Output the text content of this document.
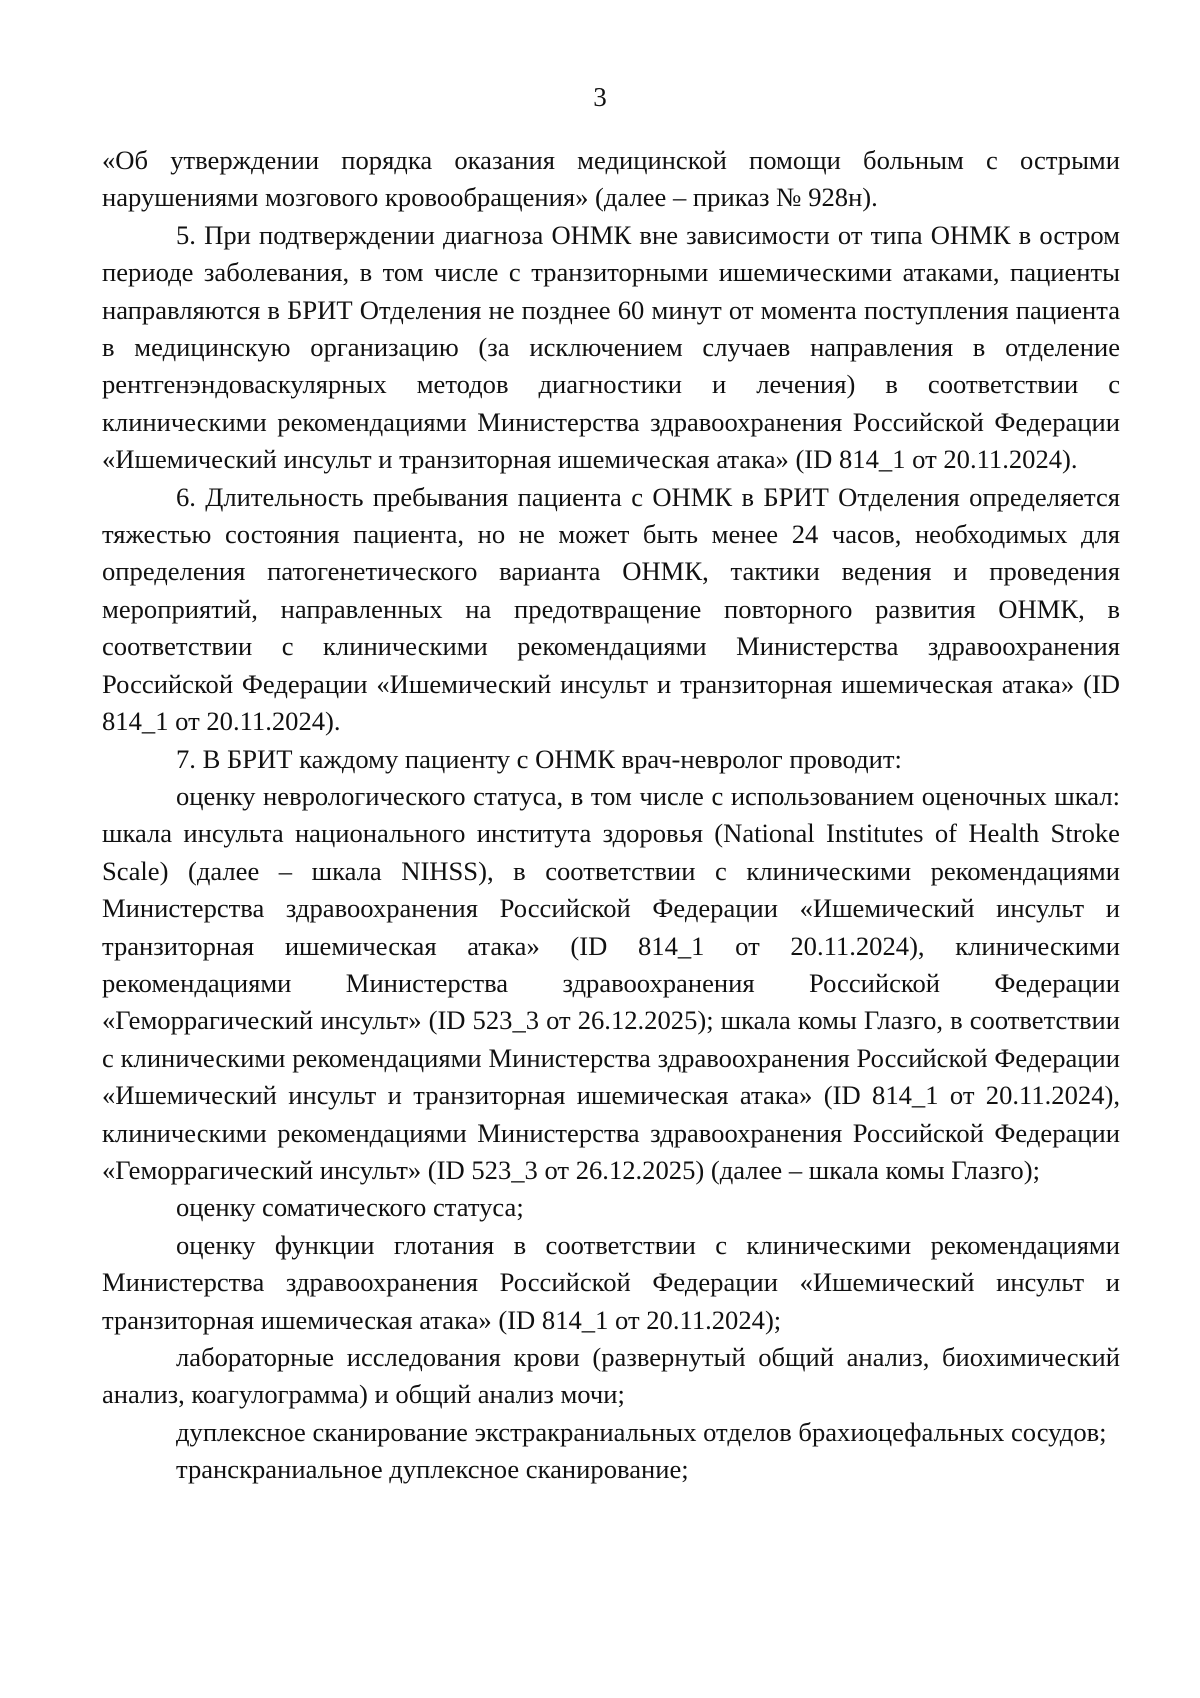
3

«Об утверждении порядка оказания медицинской помощи больным с острыми нарушениями мозгового кровообращения» (далее – приказ № 928н).

5. При подтверждении диагноза ОНМК вне зависимости от типа ОНМК в остром периоде заболевания, в том числе с транзиторными ишемическими атаками, пациенты направляются в БРИТ Отделения не позднее 60 минут от момента поступления пациента в медицинскую организацию (за исключением случаев направления в отделение рентгенэндоваскулярных методов диагностики и лечения) в соответствии с клиническими рекомендациями Министерства здравоохранения Российской Федерации «Ишемический инсульт и транзиторная ишемическая атака» (ID 814_1 от 20.11.2024).

6. Длительность пребывания пациента с ОНМК в БРИТ Отделения определяется тяжестью состояния пациента, но не может быть менее 24 часов, необходимых для определения патогенетического варианта ОНМК, тактики ведения и проведения мероприятий, направленных на предотвращение повторного развития ОНМК, в соответствии с клиническими рекомендациями Министерства здравоохранения Российской Федерации «Ишемический инсульт и транзиторная ишемическая атака» (ID 814_1 от 20.11.2024).

7. В БРИТ каждому пациенту с ОНМК врач-невролог проводит:

оценку неврологического статуса, в том числе с использованием оценочных шкал: шкала инсульта национального института здоровья (National Institutes of Health Stroke Scale) (далее – шкала NIHSS), в соответствии с клиническими рекомендациями Министерства здравоохранения Российской Федерации «Ишемический инсульт и транзиторная ишемическая атака» (ID 814_1 от 20.11.2024), клиническими рекомендациями Министерства здравоохранения Российской Федерации «Геморрагический инсульт» (ID 523_3 от 26.12.2025); шкала комы Глазго, в соответствии с клиническими рекомендациями Министерства здравоохранения Российской Федерации «Ишемический инсульт и транзиторная ишемическая атака» (ID 814_1 от 20.11.2024), клиническими рекомендациями Министерства здравоохранения Российской Федерации «Геморрагический инсульт» (ID 523_3 от 26.12.2025) (далее – шкала комы Глазго);

оценку соматического статуса;

оценку функции глотания в соответствии с клиническими рекомендациями Министерства здравоохранения Российской Федерации «Ишемический инсульт и транзиторная ишемическая атака» (ID 814_1 от 20.11.2024);

лабораторные исследования крови (развернутый общий анализ, биохимический анализ, коагулограмма) и общий анализ мочи;

дуплексное сканирование экстракраниальных отделов брахиоцефальных сосудов;

транскраниальное дуплексное сканирование;
